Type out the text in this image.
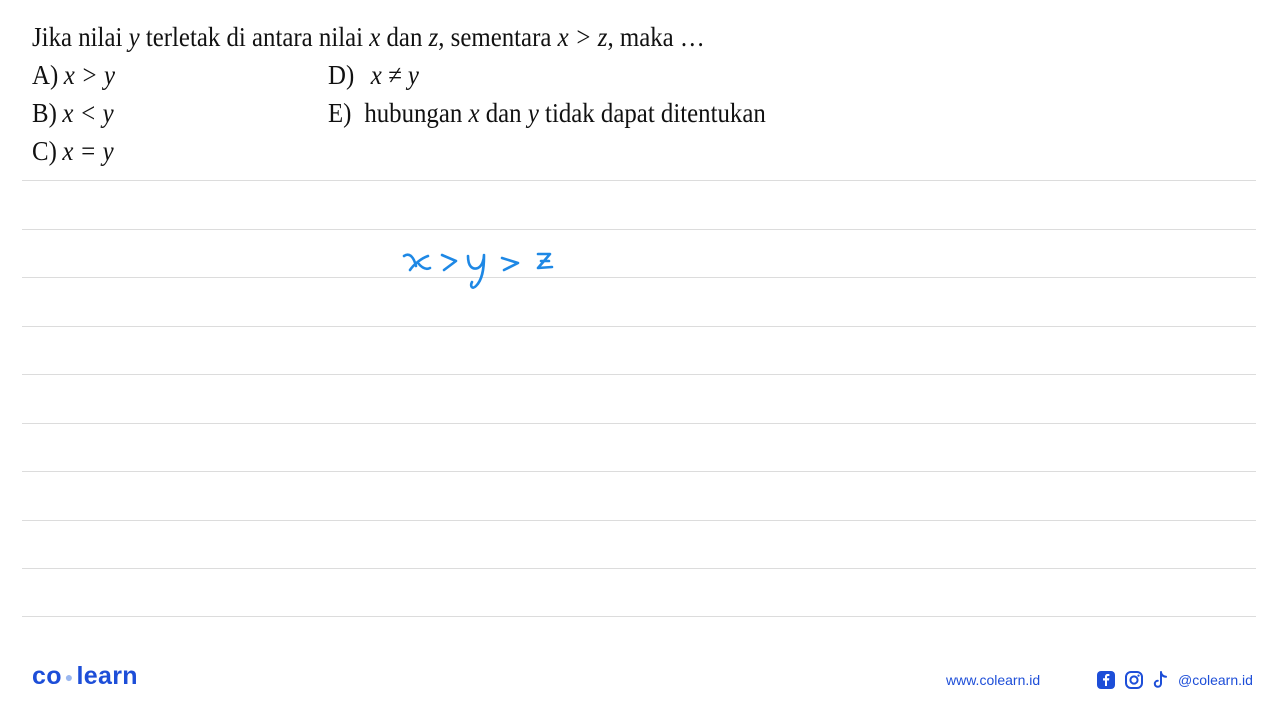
Jika nilai y terletak di antara nilai x dan z, sementara x > z, maka …
A) x > y
B) x < y
C) x = y
D) x ≠ y
E) hubungan x dan y tidak dapat ditentukan
co ● learn	www.colearn.id	@colearn.id
